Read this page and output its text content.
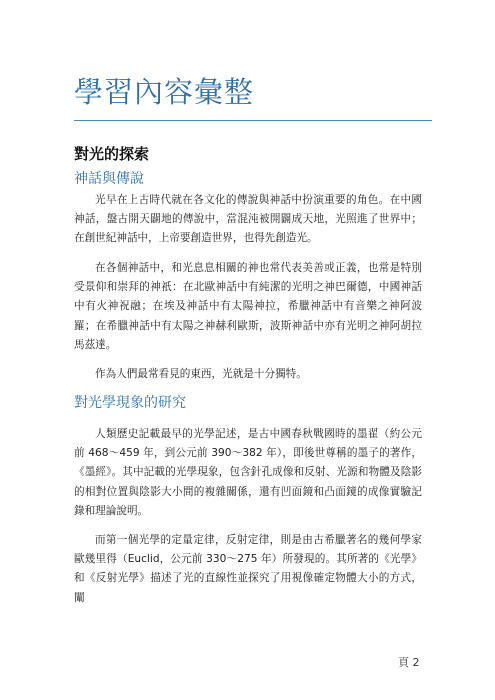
學習內容彙整
對光的探索
神話與傳說

光早在上古時代就在各文化的傳說與神話中扮演重要的角色。在中國神話，盤古開天闢地的傳說中，當混沌被開闢成天地，光照進了世界中；在創世紀神話中，上帝要創造世界，也得先創造光。

在各個神話中，和光息息相關的神也常代表美善或正義，也常是特別受景仰和崇拜的神祇：在北歐神話中有純潔的光明之神巴爾德，中國神話中有火神祝融；在埃及神話中有太陽神拉，希臘神話中有音樂之神阿波羅；在希臘神話中有太陽之神赫利歐斯，波斯神話中亦有光明之神阿胡拉馬茲達。

作為人們最常看見的東西，光就是十分獨特。

對光學現象的研究

人類歷史記載最早的光學記述，是古中國春秋戰國時的墨翟（約公元前 468～459 年，到公元前 390～382 年），即後世尊稱的墨子的著作，《墨經》。其中記載的光學現象，包含針孔成像和反射、光源和物體及陰影的相對位置與陰影大小間的複雜關係，還有凹面鏡和凸面鏡的成像實驗記錄和理論說明。

而第一個光學的定量定律，反射定律，則是由古希臘著名的幾何學家歐幾里得（Euclid，公元前 330～275 年）所發現的。其所著的《光學》和《反射光學》描述了光的直線性並探究了用視像確定物體大小的方式，闡

頁 2
